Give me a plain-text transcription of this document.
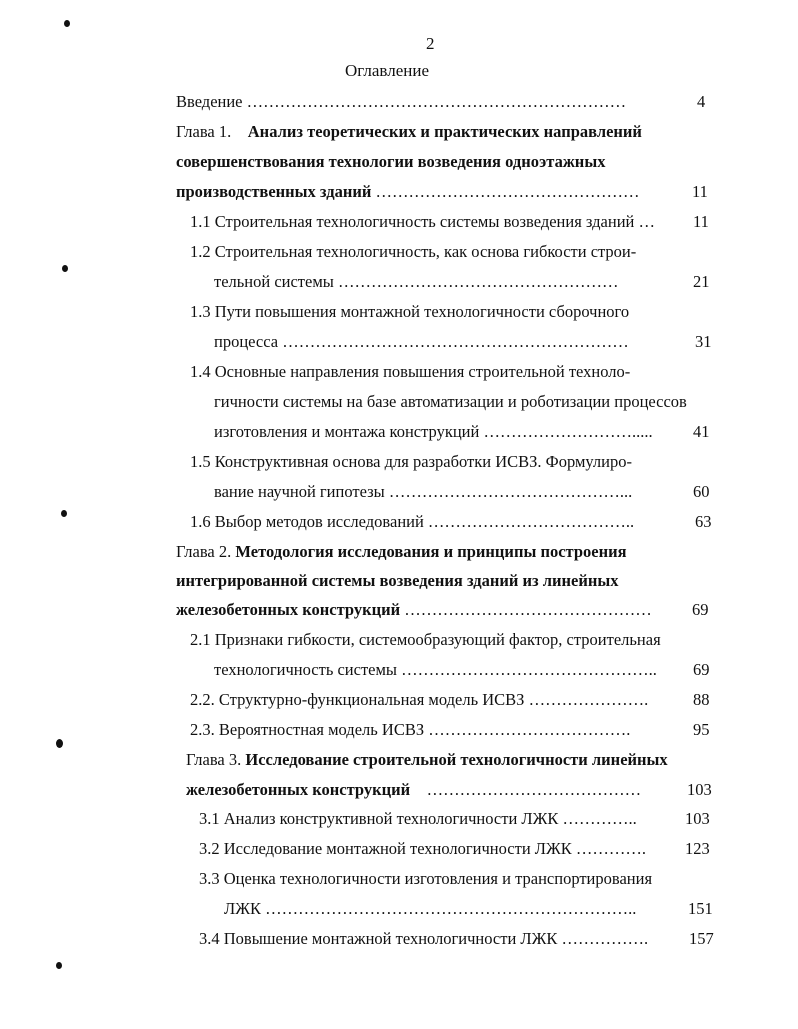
2
Оглавление
Введение ……………………………………………………………	4
Глава 1. Анализ теоретических и практических направлений
совершенствования технологии возведения одноэтажных
производственных зданий …………………………………………	11
1.1 Строительная технологичность системы возведения зданий … 11
1.2 Строительная технологичность, как основа гибкости строи-
тельной системы ……………………………………………	21
1.3 Пути повышения монтажной технологичности сборочного
процесса ………………………………………………………	31
1.4 Основные направления повышения строительной техноло-
гичности системы на базе автоматизации и роботизации процессов
изготовления и монтажа конструкций ………………………..... 41
1.5 Конструктивная основа для разработки ИСВЗ. Формулиро-
вание научной гипотезы ……………………………………...	60
1.6 Выбор методов исследований ………………………………..	63
Глава 2. Методология исследования и принципы построения
интегрированной системы возведения зданий из линейных
железобетонных конструкций ……………………………………… 69
2.1 Признаки гибкости, системообразующий фактор, строительная
технологичность системы ……………………………………….. 69
2.2. Структурно-функциональная модель ИСВЗ ………………….	88
2.3. Вероятностная модель ИСВЗ ……………………………….	95
Глава 3. Исследование строительной технологичности линейных
железобетонных конструкций …………………………………	103
3.1 Анализ конструктивной технологичности ЛЖК …………..	103
3.2 Исследование монтажной технологичности ЛЖК …………. 123
3.3 Оценка технологичности изготовления и транспортирования
ЛЖК …………………………………………………………..	151
3.4 Повышение монтажной технологичности ЛЖК ……………. 157
